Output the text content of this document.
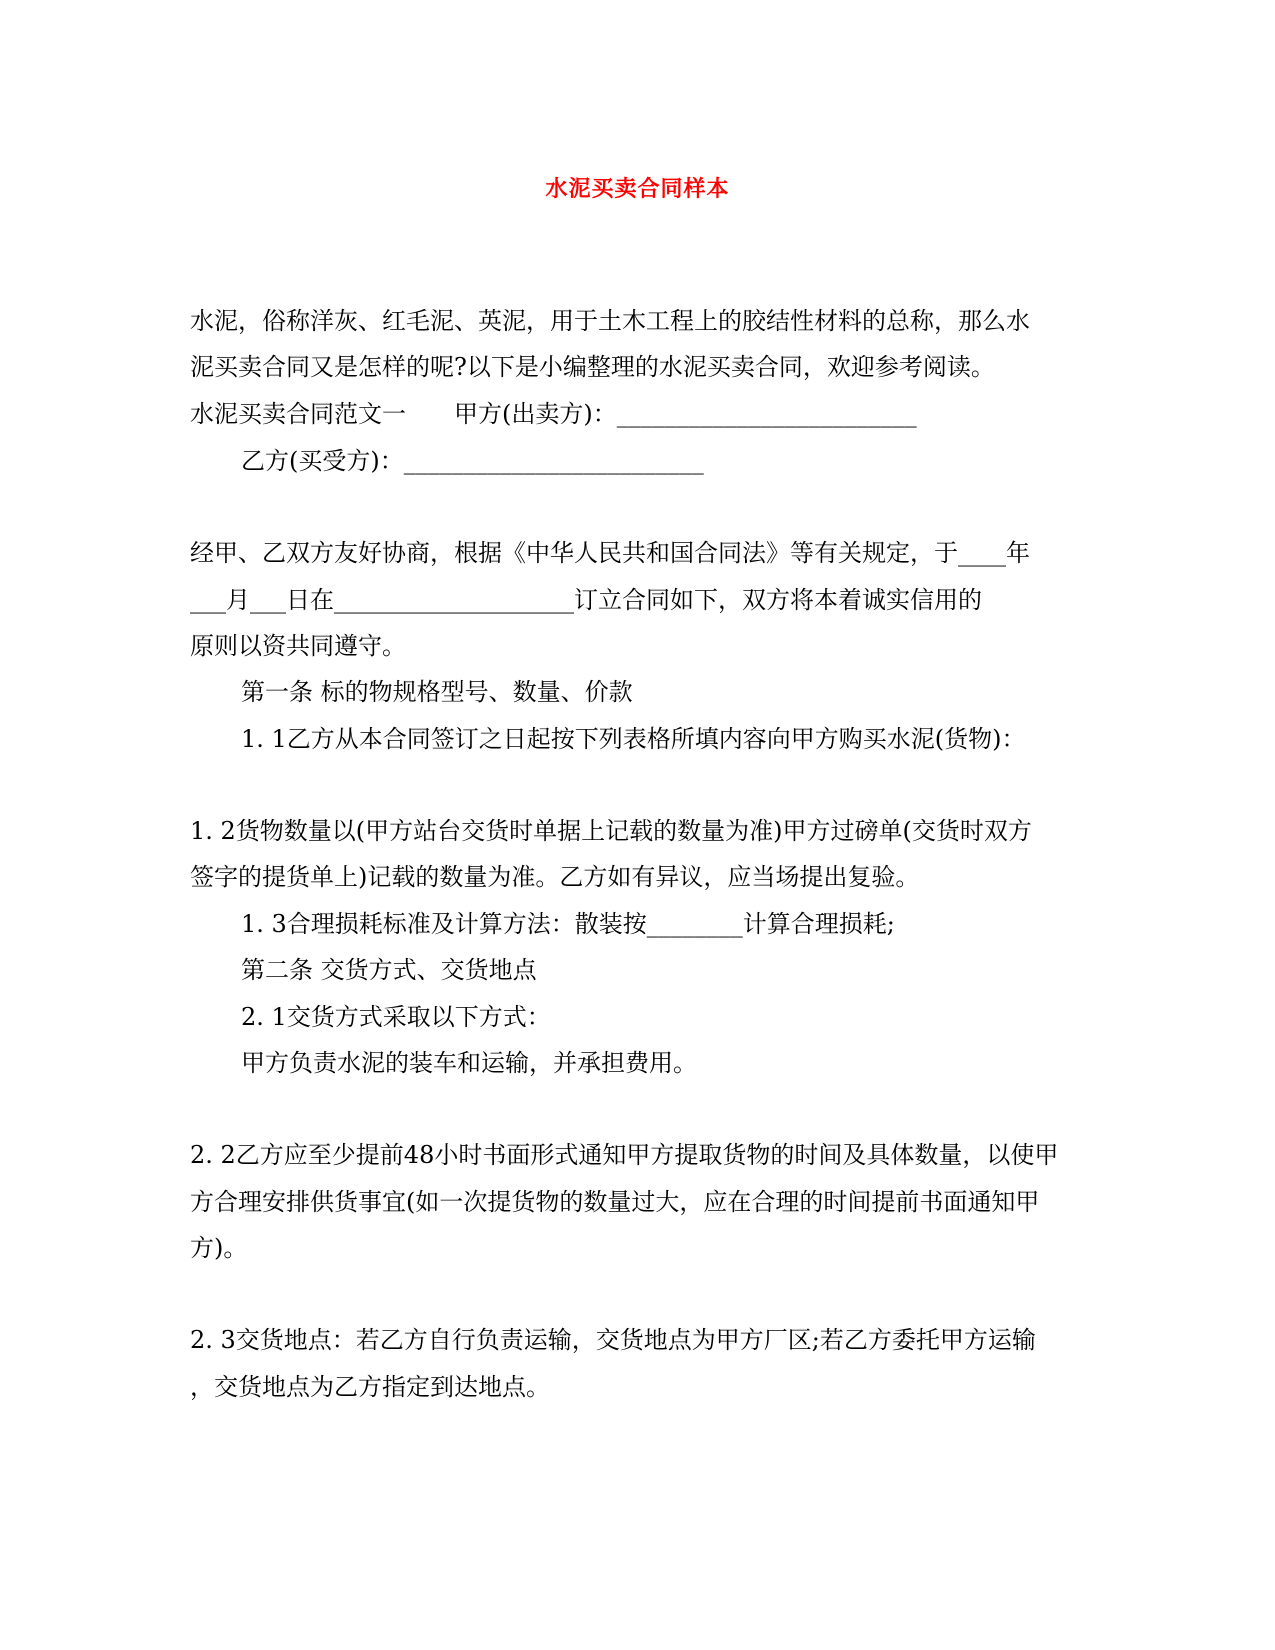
水泥买卖合同样本
水泥，俗称洋灰、红毛泥、英泥，用于土木工程上的胶结性材料的总称，那么水
泥买卖合同又是怎样的呢?以下是小编整理的水泥买卖合同，欢迎参考阅读。
水泥买卖合同范文一　　甲方(出卖方)：_________________________
乙方(买受方)：_________________________
经甲、乙双方友好协商，根据《中华人民共和国合同法》等有关规定，于____年
___月___日在____________________订立合同如下，双方将本着诚实信用的
原则以资共同遵守。
第一条 标的物规格型号、数量、价款
1. 1乙方从本合同签订之日起按下列表格所填内容向甲方购买水泥(货物)：
1. 2货物数量以(甲方站台交货时单据上记载的数量为准)甲方过磅单(交货时双方
签字的提货单上)记载的数量为准。乙方如有异议，应当场提出复验。
1. 3合理损耗标准及计算方法：散装按________计算合理损耗;
第二条 交货方式、交货地点
2. 1交货方式采取以下方式：
甲方负责水泥的装车和运输，并承担费用。
2. 2乙方应至少提前48小时书面形式通知甲方提取货物的时间及具体数量，以使甲
方合理安排供货事宜(如一次提货物的数量过大，应在合理的时间提前书面通知甲
方)。
2. 3交货地点：若乙方自行负责运输，交货地点为甲方厂区;若乙方委托甲方运输
，交货地点为乙方指定到达地点。
